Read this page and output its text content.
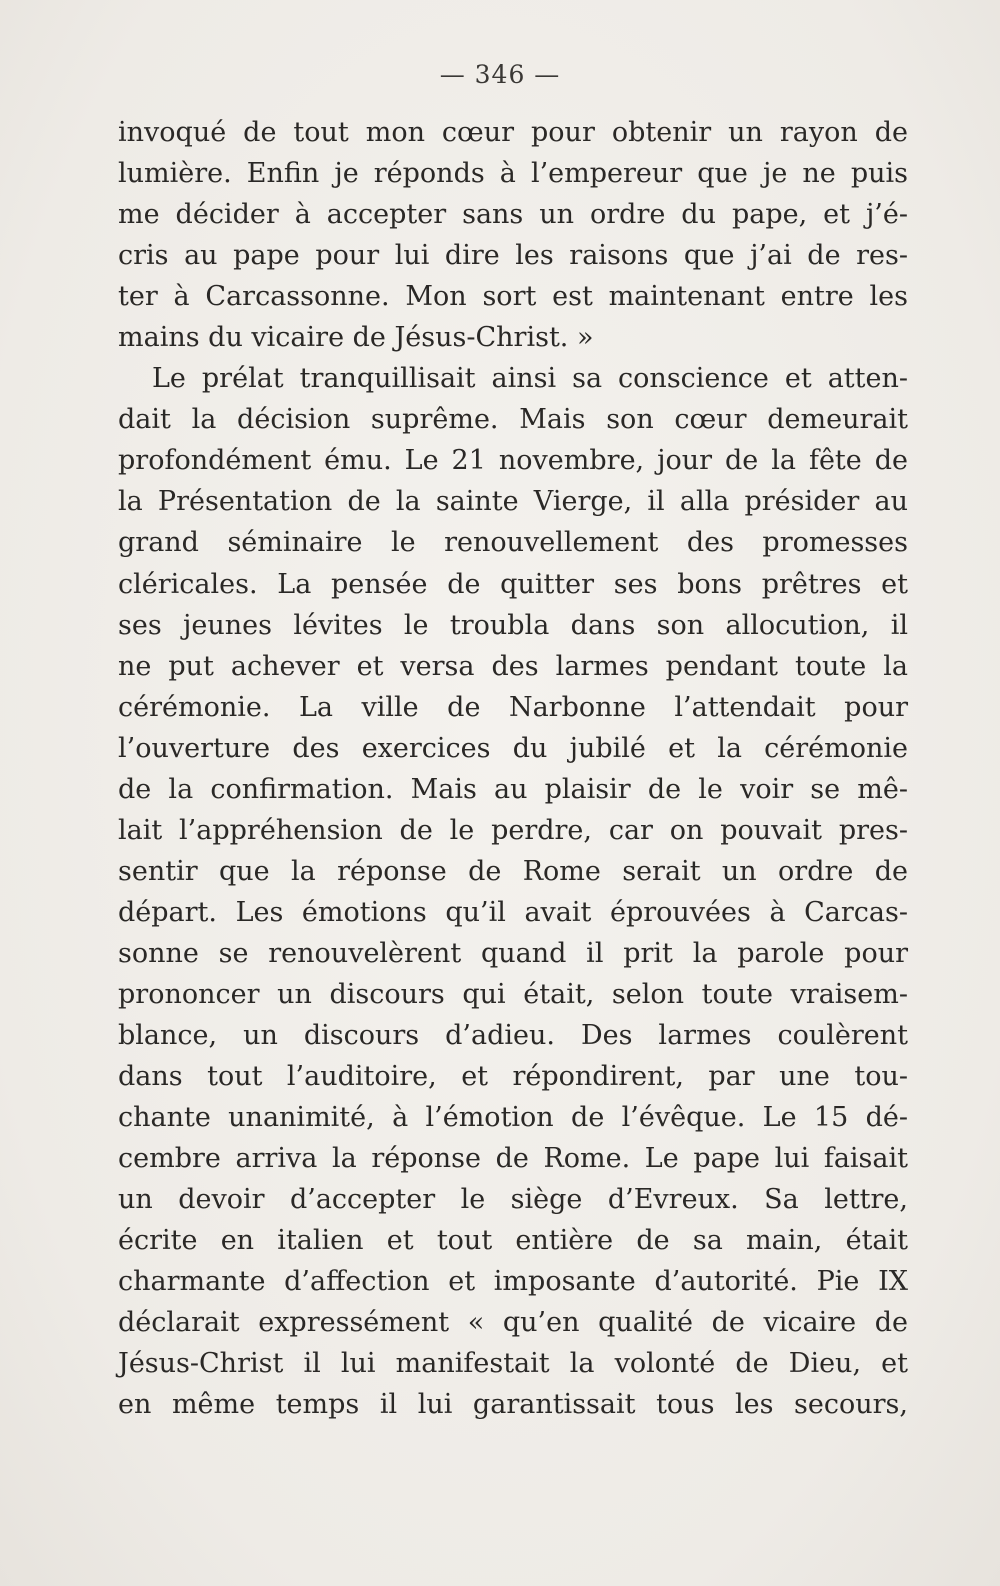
— 346 —
invoqué de tout mon cœur pour obtenir un rayon de
lumière. Enfin je réponds à l’empereur que je ne puis
me décider à accepter sans un ordre du pape, et j’é-
cris au pape pour lui dire les raisons que j’ai de res-
ter à Carcassonne. Mon sort est maintenant entre les
mains du vicaire de Jésus-Christ. »
Le prélat tranquillisait ainsi sa conscience et atten-
dait la décision suprême. Mais son cœur demeurait
profondément ému. Le 21 novembre, jour de la fête de
la Présentation de la sainte Vierge, il alla présider au
grand séminaire le renouvellement des promesses
cléricales. La pensée de quitter ses bons prêtres et
ses jeunes lévites le troubla dans son allocution, il
ne put achever et versa des larmes pendant toute la
cérémonie. La ville de Narbonne l’attendait pour
l’ouverture des exercices du jubilé et la cérémonie
de la confirmation. Mais au plaisir de le voir se mê-
lait l’appréhension de le perdre, car on pouvait pres-
sentir que la réponse de Rome serait un ordre de
départ. Les émotions qu’il avait éprouvées à Carcas-
sonne se renouvelèrent quand il prit la parole pour
prononcer un discours qui était, selon toute vraisem-
blance, un discours d’adieu. Des larmes coulèrent
dans tout l’auditoire, et répondirent, par une tou-
chante unanimité, à l’émotion de l’évêque. Le 15 dé-
cembre arriva la réponse de Rome. Le pape lui faisait
un devoir d’accepter le siège d’Evreux. Sa lettre,
écrite en italien et tout entière de sa main, était
charmante d’affection et imposante d’autorité. Pie IX
déclarait expressément « qu’en qualité de vicaire de
Jésus-Christ il lui manifestait la volonté de Dieu, et
en même temps il lui garantissait tous les secours,
